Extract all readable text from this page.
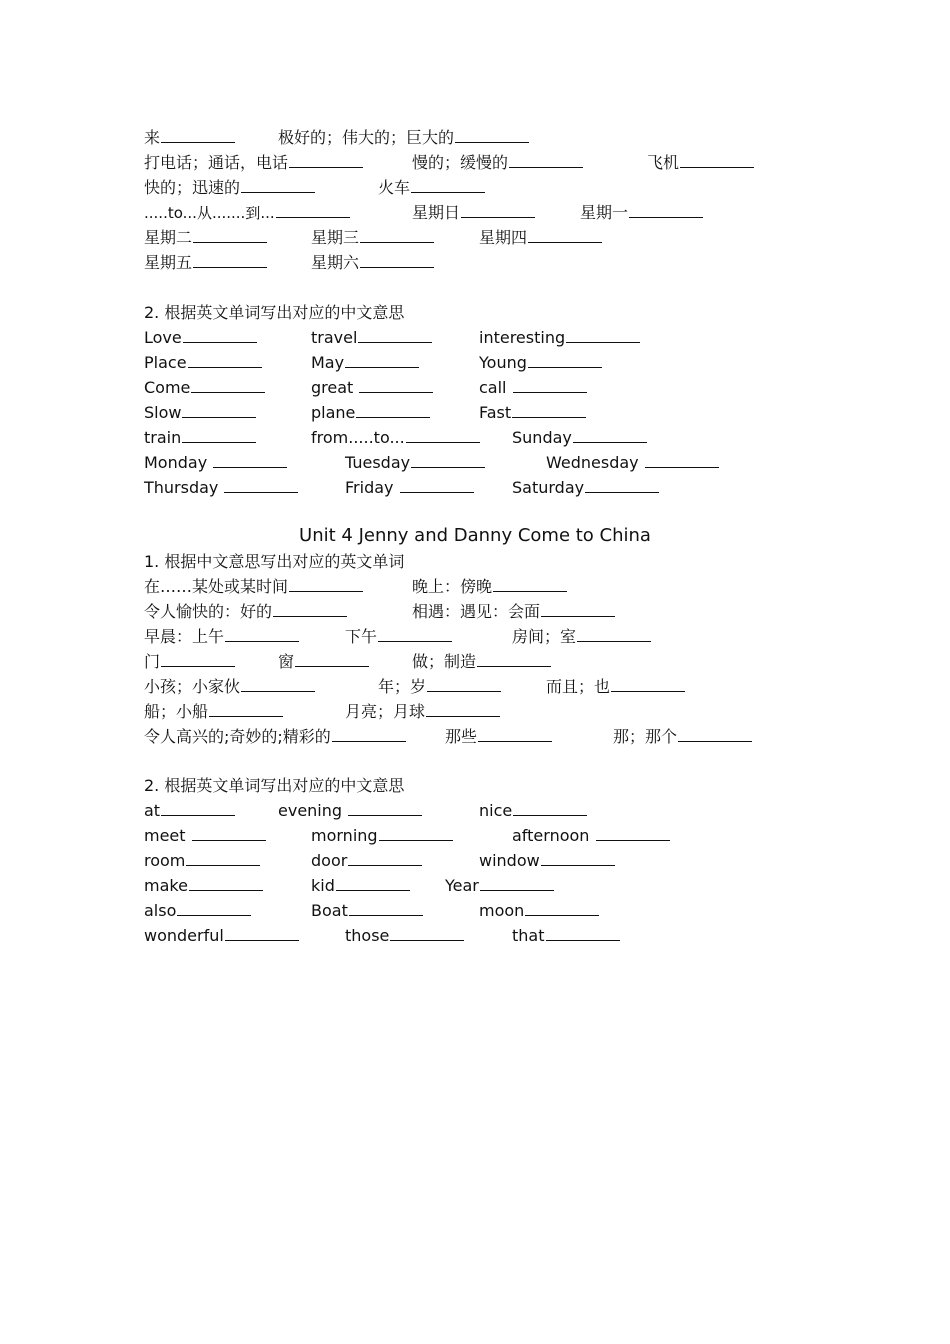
来	极好的；伟大的；巨大的
打电话；通话，电话	慢的；缓慢的	飞机
快的；迅速的	火车
.....to...从.......到...	星期日	星期一
星期二	星期三	星期四
星期五	星期六
2. 根据英文单词写出对应的中文意思
Love	travel	interesting
Place	May	Young
Come	great	call
Slow	plane	Fast
train	from.....to...	Sunday
Monday	Tuesday	Wednesday
Thursday	Friday	Saturday
Unit 4 Jenny and Danny Come to China
1. 根据中文意思写出对应的英文单词
在……某处或某时间	晚上：傍晚
令人愉快的：好的	相遇：遇见：会面
早晨：上午	下午	房间；室
门	窗	做；制造
小孩；小家伙	年；岁	而且；也
船；小船	月亮；月球
令人高兴的;奇妙的;精彩的	那些	那；那个
2. 根据英文单词写出对应的中文意思
at	evening	nice
meet	morning	afternoon
room	door	window
make	kid	Year
also	Boat	moon
wonderful	those	that
